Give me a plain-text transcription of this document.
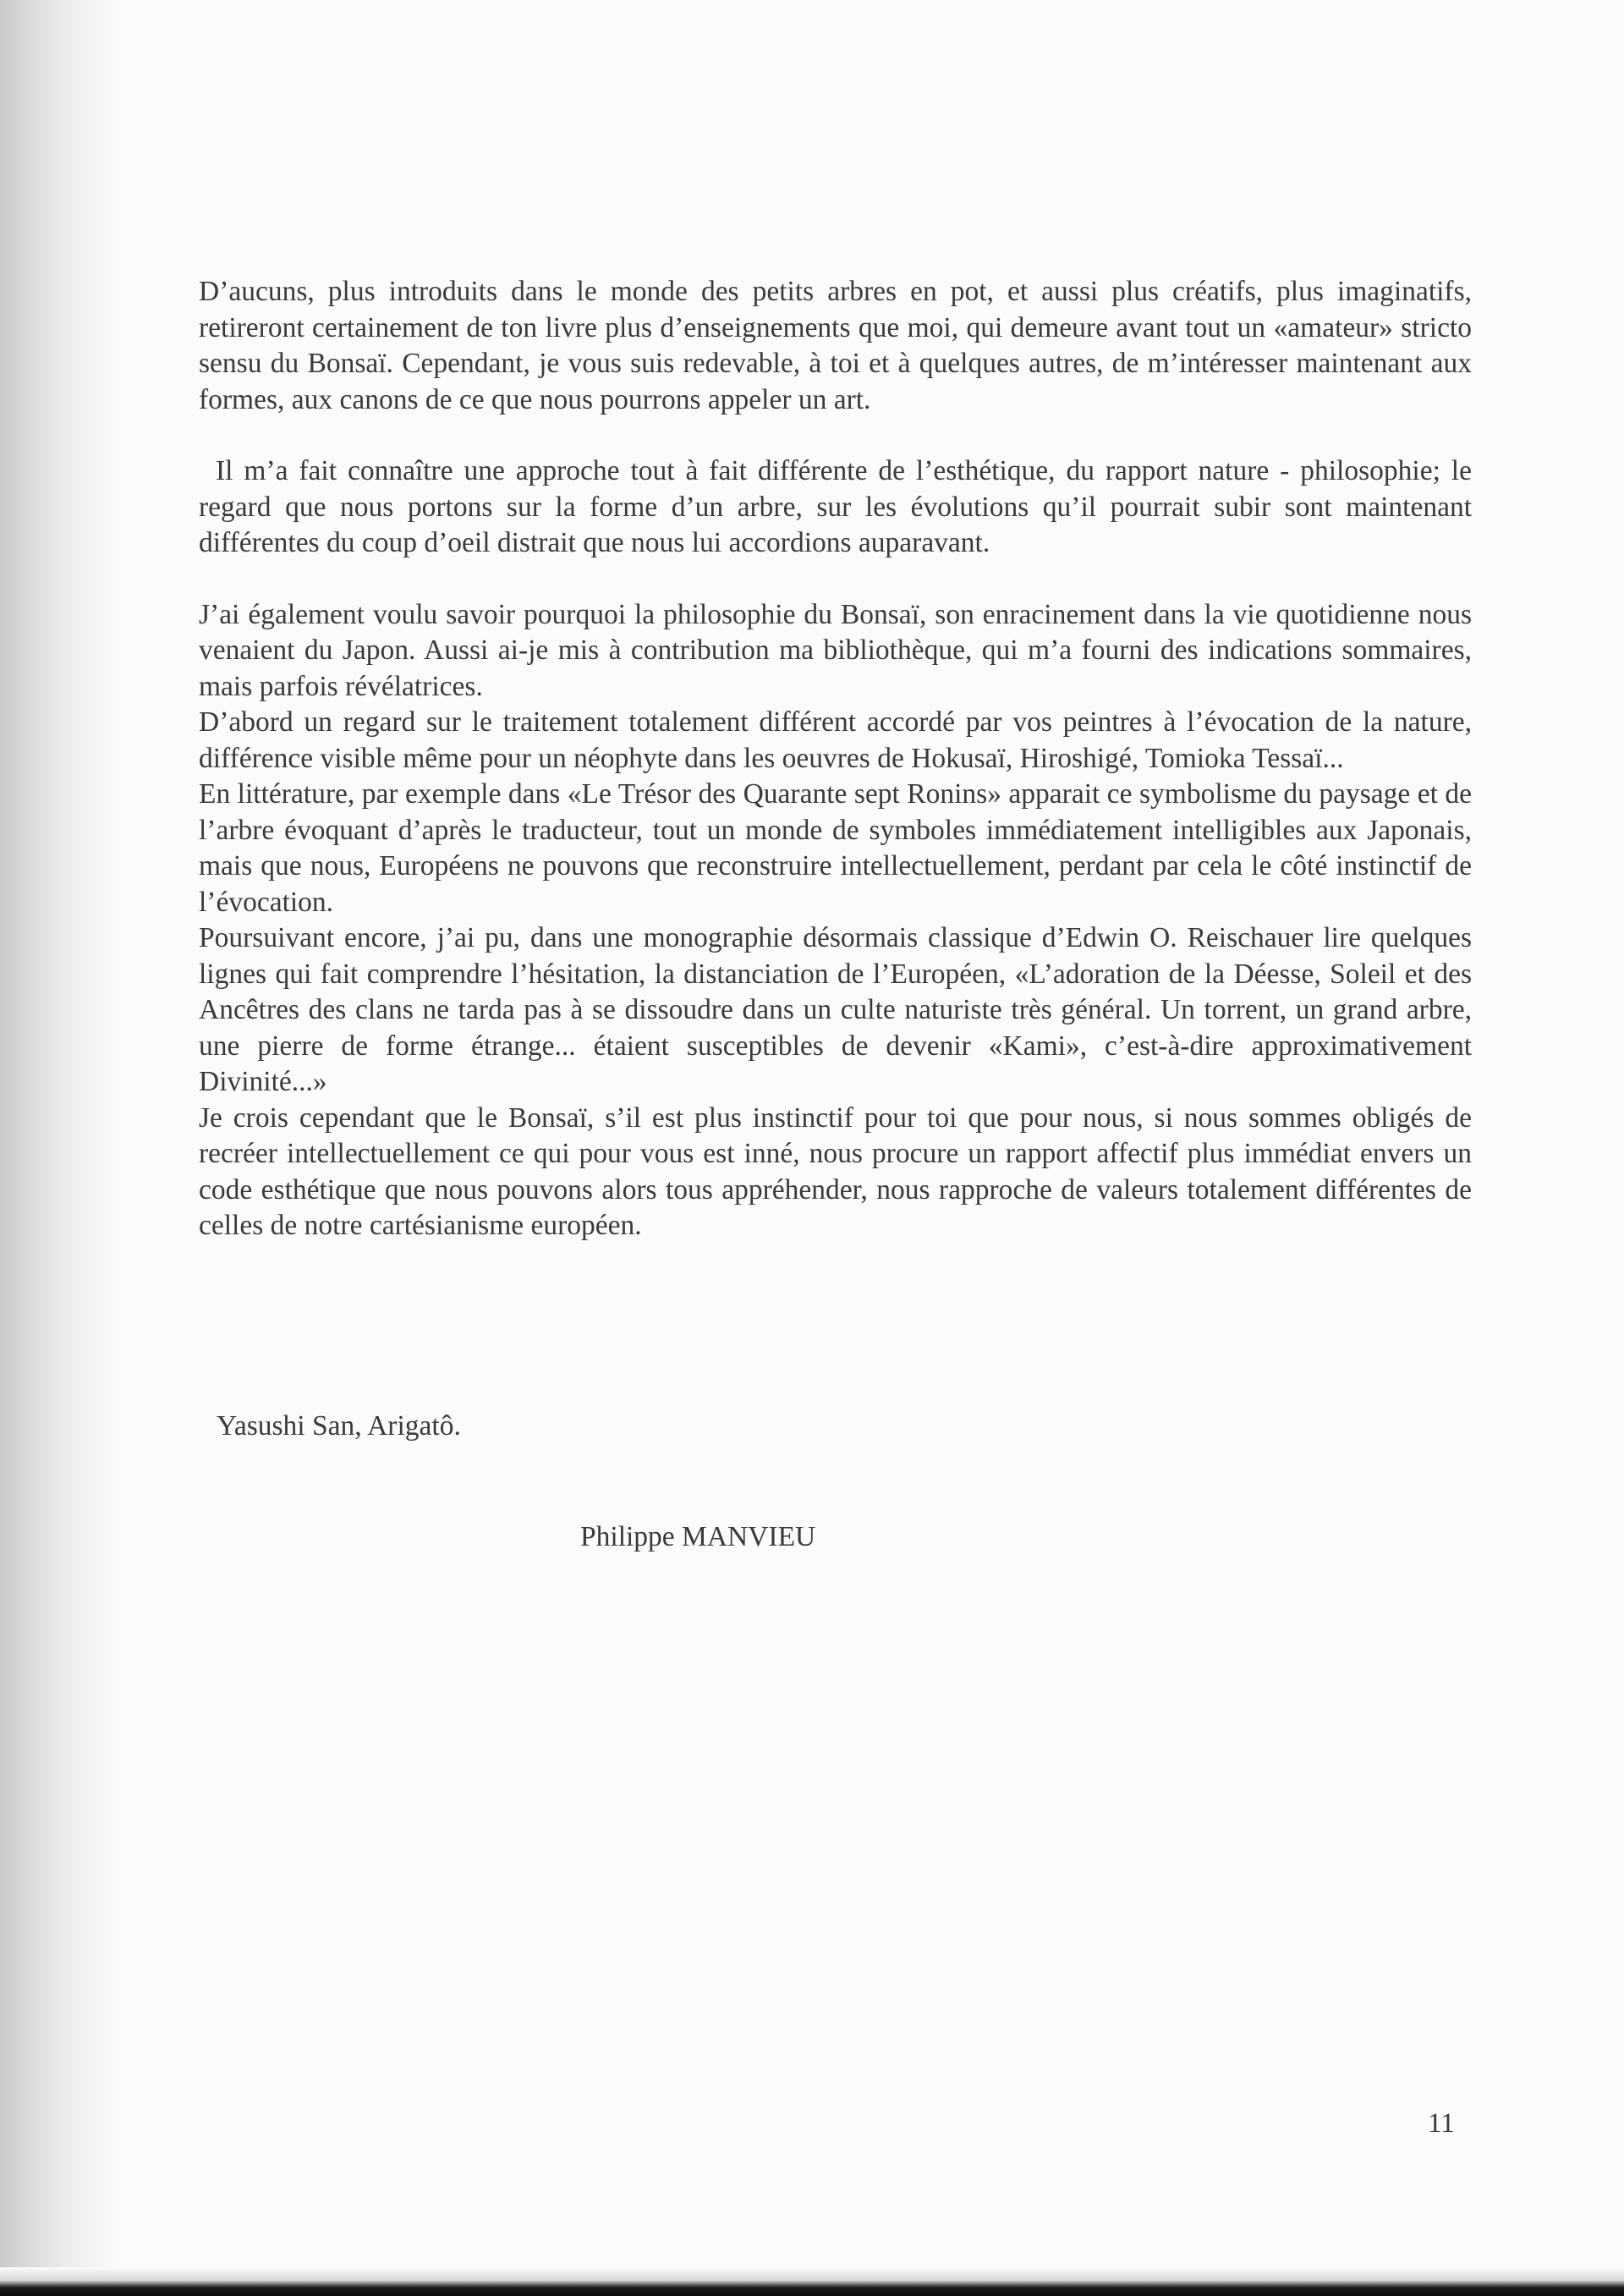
D’aucuns, plus introduits dans le monde des petits arbres en pot, et aussi plus créatifs, plus imaginatifs, retireront certainement de ton livre plus d’enseignements que moi, qui demeure avant tout un «amateur» stricto sensu du Bonsaï. Cependant, je vous suis redevable, à toi et à quelques autres, de m’intéresser maintenant aux formes, aux canons de ce que nous pourrons appeler un art.

Il m’a fait connaître une approche tout à fait différente de l’esthétique, du rapport nature - philosophie; le regard que nous portons sur la forme d’un arbre, sur les évolutions qu’il pourrait subir sont maintenant différentes du coup d’oeil distrait que nous lui accordions auparavant.

J’ai également voulu savoir pourquoi la philosophie du Bonsaï, son enracinement dans la vie quotidienne nous venaient du Japon. Aussi ai-je mis à contribution ma bibliothèque, qui m’a fourni des indications sommaires, mais parfois révélatrices.

D’abord un regard sur le traitement totalement différent accordé par vos peintres à l’évocation de la nature, différence visible même pour un néophyte dans les oeuvres de Hokusaï, Hiroshigé, Tomioka Tessaï...

En littérature, par exemple dans «Le Trésor des Quarante sept Ronins» apparait ce symbolisme du paysage et de l’arbre évoquant d’après le traducteur, tout un monde de symboles immédiatement intelligibles aux Japonais, mais que nous, Européens ne pouvons que reconstruire intellectuellement, perdant par cela le côté instinctif de l’évocation.

Poursuivant encore, j’ai pu, dans une monographie désormais classique d’Edwin O. Reischauer lire quelques lignes qui fait comprendre l’hésitation, la distanciation de l’Européen, «L’adoration de la Déesse, Soleil et des Ancêtres des clans ne tarda pas à se dissoudre dans un culte naturiste très général. Un torrent, un grand arbre, une pierre de forme étrange... étaient susceptibles de devenir «Kami», c’est-à-dire approximativement Divinité...»

Je crois cependant que le Bonsaï, s’il est plus instinctif pour toi que pour nous, si nous sommes obligés de recréer intellectuellement ce qui pour vous est inné, nous procure un rapport affectif plus immédiat envers un code esthétique que nous pouvons alors tous appréhender, nous rapproche de valeurs totalement différentes de celles de notre cartésianisme européen.

Yasushi San, Arigatô.

Philippe MANVIEU

11
